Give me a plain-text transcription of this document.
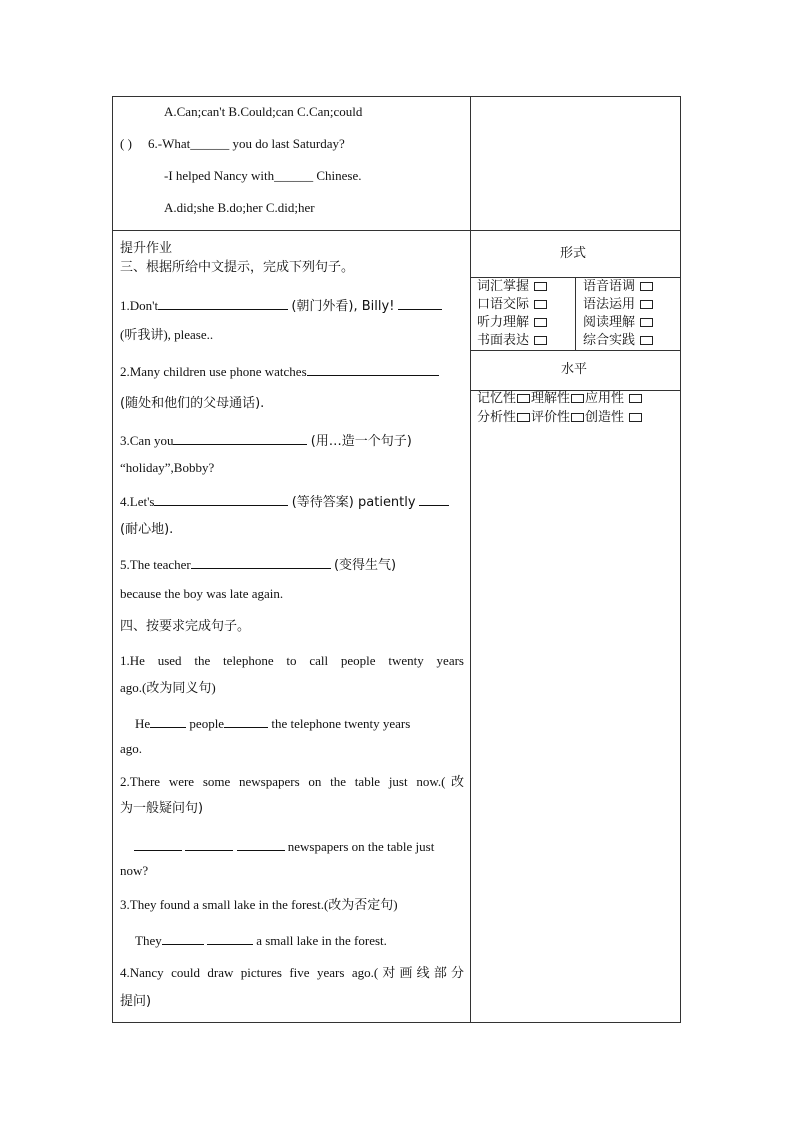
A.Can;can't B.Could;can C.Can;could
( ) 6.-What______ you do last Saturday?
-I helped Nancy with______ Chinese.
A.did;she B.do;her C.did;her
提升作业
三、根据所给中文提示，完成下列句子。
1.Don't	(朝门外看), Billy!
(听我讲), please..
2.Many children use phone watches
(随处和他们的父母通话).
3.Can you	(用…造一个句子)
“holiday”,Bobby?
4.Let's	(等待答案) patiently
(耐心地).
5.The teacher	(变得生气)
because the boy was late again.
四、按要求完成句子。
1.He used the telephone to call people twenty years
ago.(改为同义句)
He	people	the telephone twenty years
ago.
2.There were some newspapers on the table just now.(改
为一般疑问句)
newspapers on the table just
now?
3.They found a small lake in the forest.(改为否定句)
They	a small lake in the forest.
4.Nancy could draw pictures five years ago.(对画线部分
提问)
形式
词汇掌握	语音语调
口语交际	语法运用
听力理解	阅读理解
书面表达	综合实践
水平
记忆性 理解性 应用性
分析性 评价性 创造性
